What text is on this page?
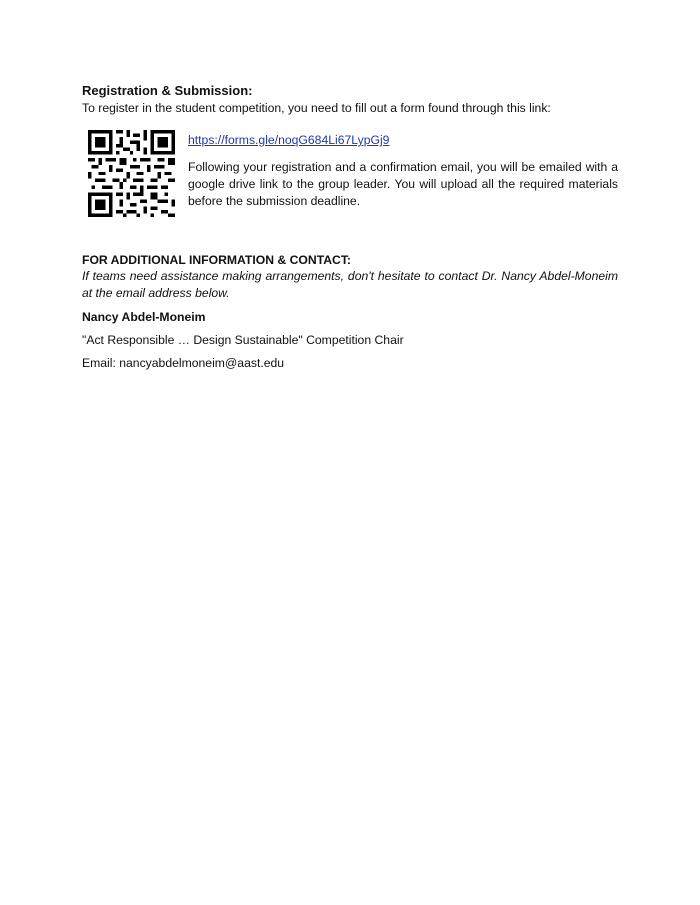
Registration & Submission:

To register in the student competition, you need to fill out a form found through this link:

https://forms.gle/noqG684Li67LypGj9
Following your registration and a confirmation email, you will be emailed with a google drive link to the group leader. You will upload all the required materials before the submission deadline.
FOR ADDITIONAL INFORMATION & CONTACT:
If teams need assistance making arrangements, don't hesitate to contact Dr. Nancy Abdel-Moneim at the email address below.
Nancy Abdel-Moneim
"Act Responsible … Design Sustainable" Competition Chair
Email: nancyabdelmoneim@aast.edu
